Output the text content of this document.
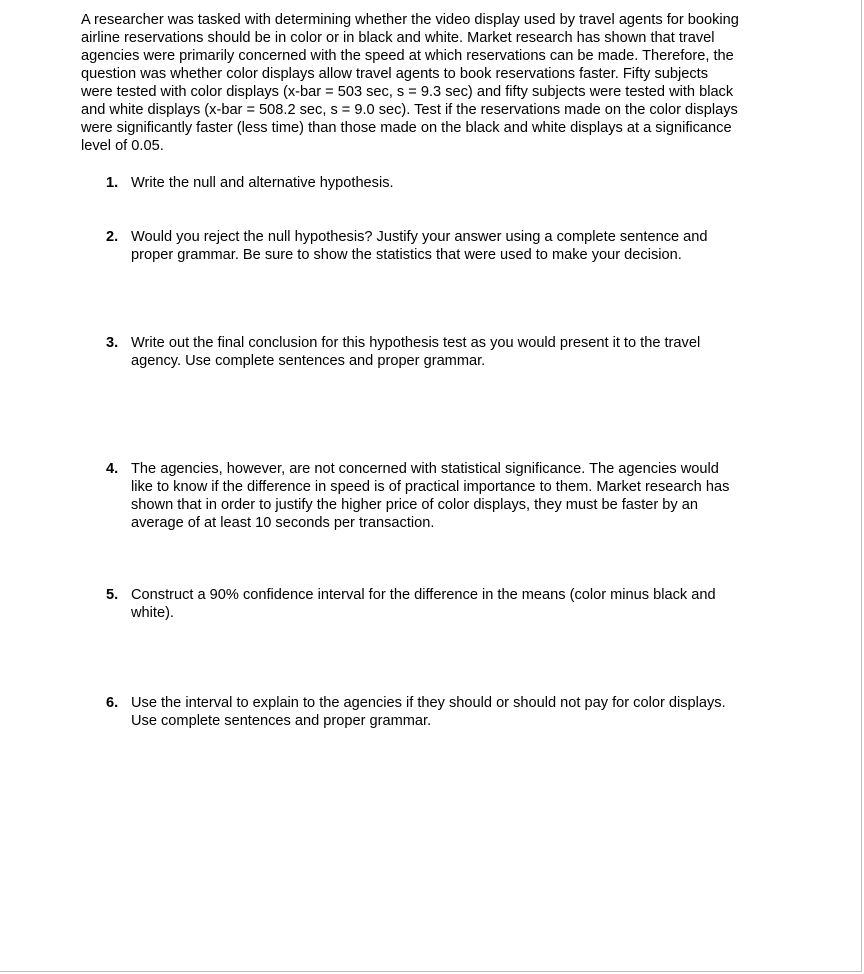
A researcher was tasked with determining whether the video display used by travel agents for booking
airline reservations should be in color or in black and white. Market research has shown that travel
agencies were primarily concerned with the speed at which reservations can be made. Therefore, the
question was whether color displays allow travel agents to book reservations faster. Fifty subjects
were tested with color displays (x-bar = 503 sec, s = 9.3 sec) and fifty subjects were tested with black
and white displays (x-bar = 508.2 sec, s = 9.0 sec). Test if the reservations made on the color displays
were significantly faster (less time) than those made on the black and white displays at a significance
level of 0.05.

1. Write the null and alternative hypothesis.
2. Would you reject the null hypothesis? Justify your answer using a complete sentence and
proper grammar. Be sure to show the statistics that were used to make your decision.
3. Write out the final conclusion for this hypothesis test as you would present it to the travel
agency. Use complete sentences and proper grammar.
4. The agencies, however, are not concerned with statistical significance. The agencies would
like to know if the difference in speed is of practical importance to them. Market research has
shown that in order to justify the higher price of color displays, they must be faster by an
average of at least 10 seconds per transaction.
5. Construct a 90% confidence interval for the difference in the means (color minus black and
white).
6. Use the interval to explain to the agencies if they should or should not pay for color displays.
Use complete sentences and proper grammar.
